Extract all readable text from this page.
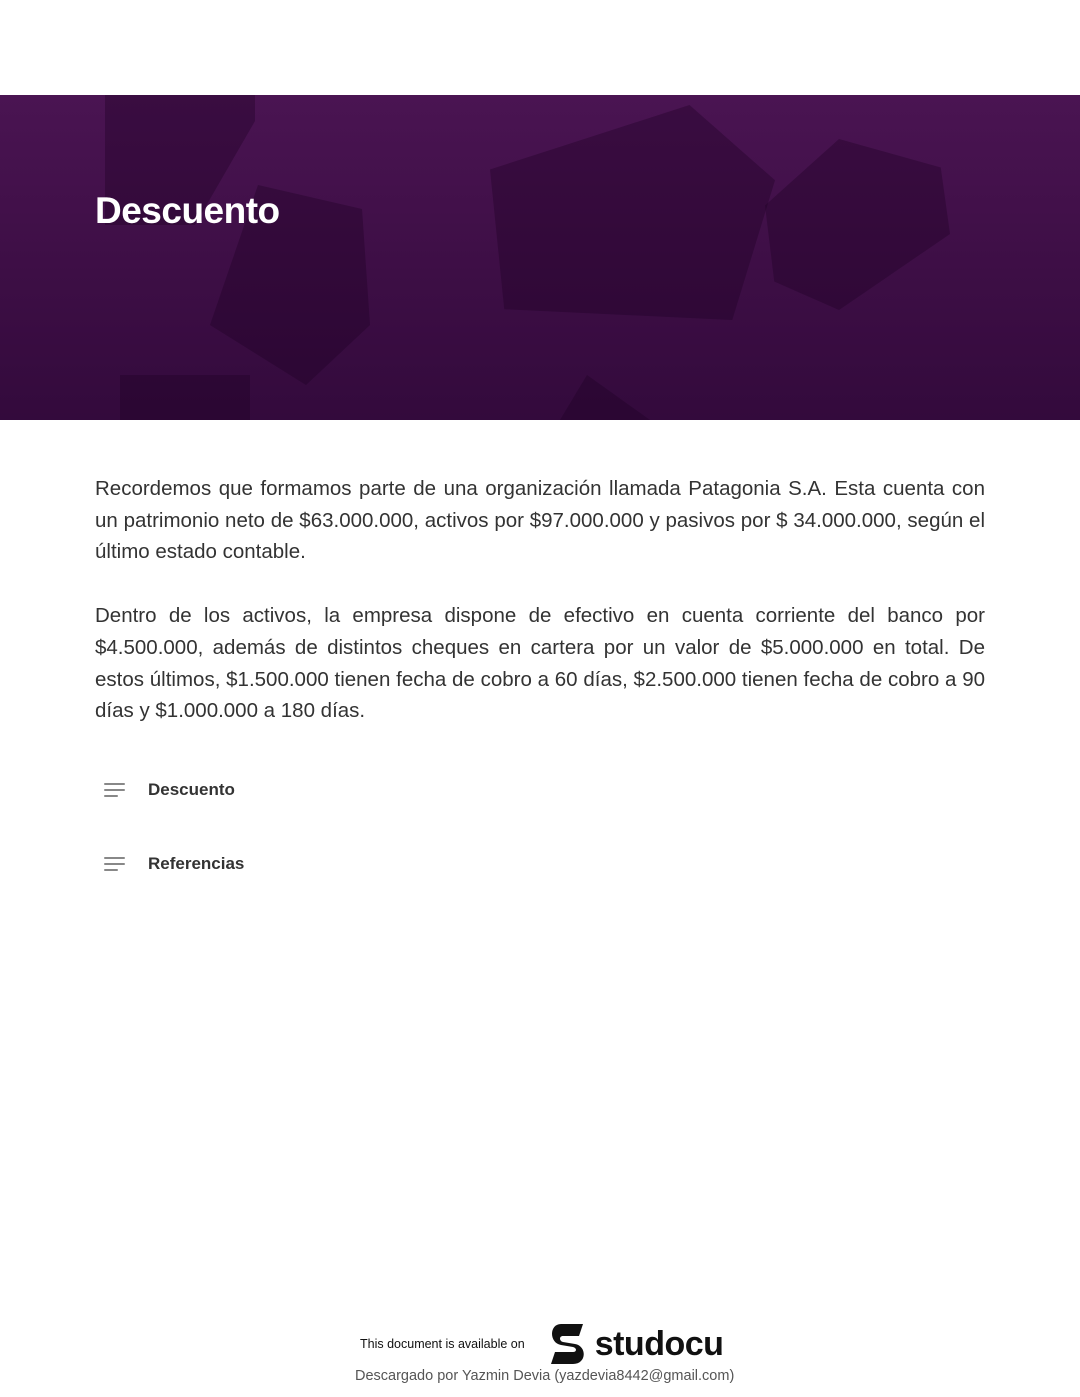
Descuento

Recordemos que formamos parte de una organización llamada Patagonia S.A. Esta cuenta con un patrimonio neto de $63.000.000, activos por $97.000.000 y pasivos por $ 34.000.000, según el último estado contable.

Dentro de los activos, la empresa dispone de efectivo en cuenta corriente del banco por $4.500.000, además de distintos cheques en cartera por un valor de $5.000.000 en total. De estos últimos, $1.500.000 tienen fecha de cobro a 60 días, $2.500.000 tienen fecha de cobro a 90 días y $1.000.000 a 180 días.

Descuento
Referencias
This document is available on studocu
Descargado por Yazmin Devia (yazdevia8442@gmail.com)
